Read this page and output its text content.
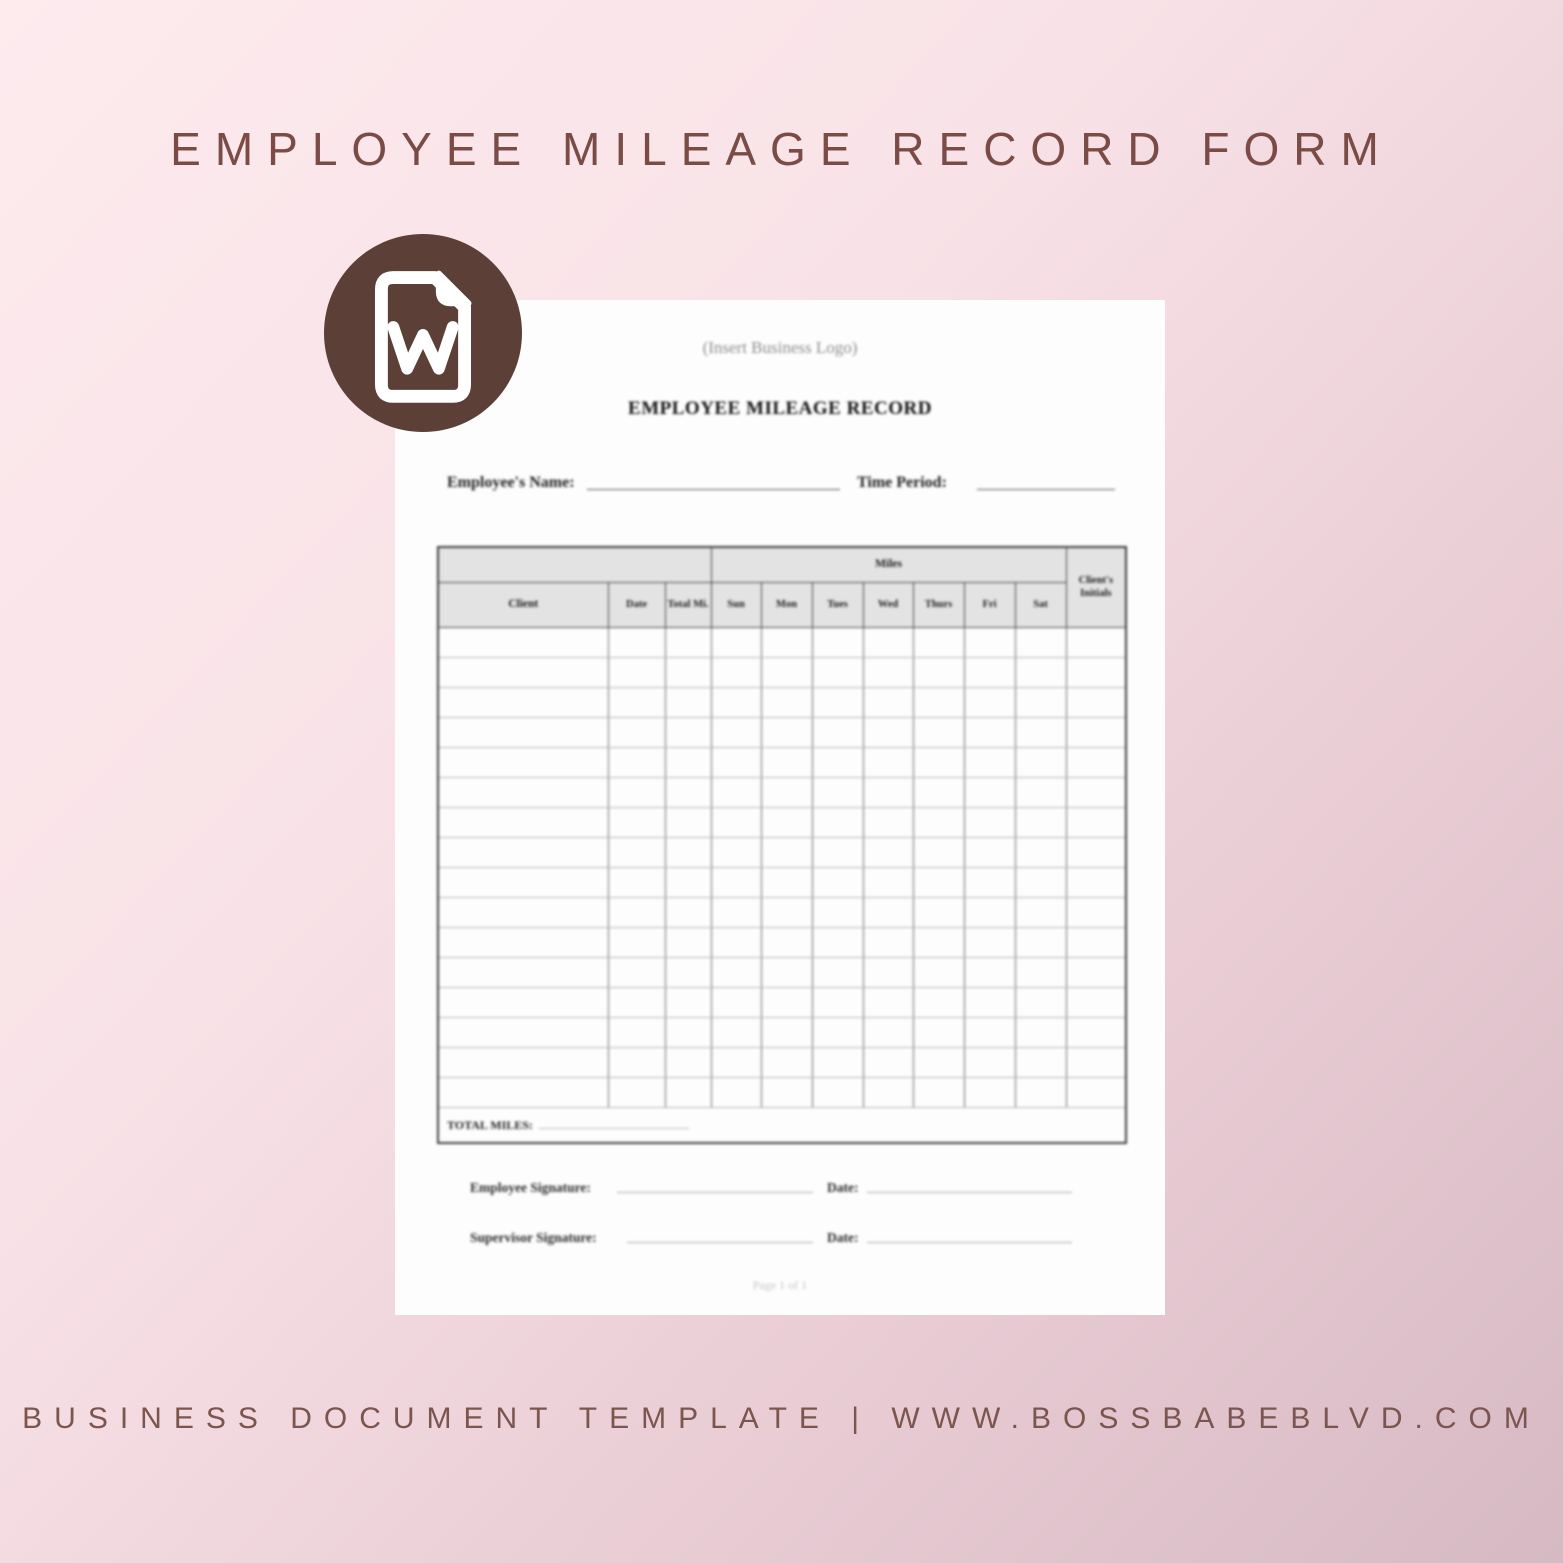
EMPLOYEE MILEAGE RECORD FORM
(Insert Business Logo)
EMPLOYEE MILEAGE RECORD
Employee's Name:	Time Period:
			Miles							Client's Initials
Client	Date	Total Mi.	Sun	Mon	Tues	Wed	Thurs	Fri	Sat	

TOTAL MILES:										
Employee Signature:	Date:
Supervisor Signature:	Date:
Page 1 of 1
BUSINESS DOCUMENT TEMPLATE | WWW.BOSSBABEBLVD.COM
